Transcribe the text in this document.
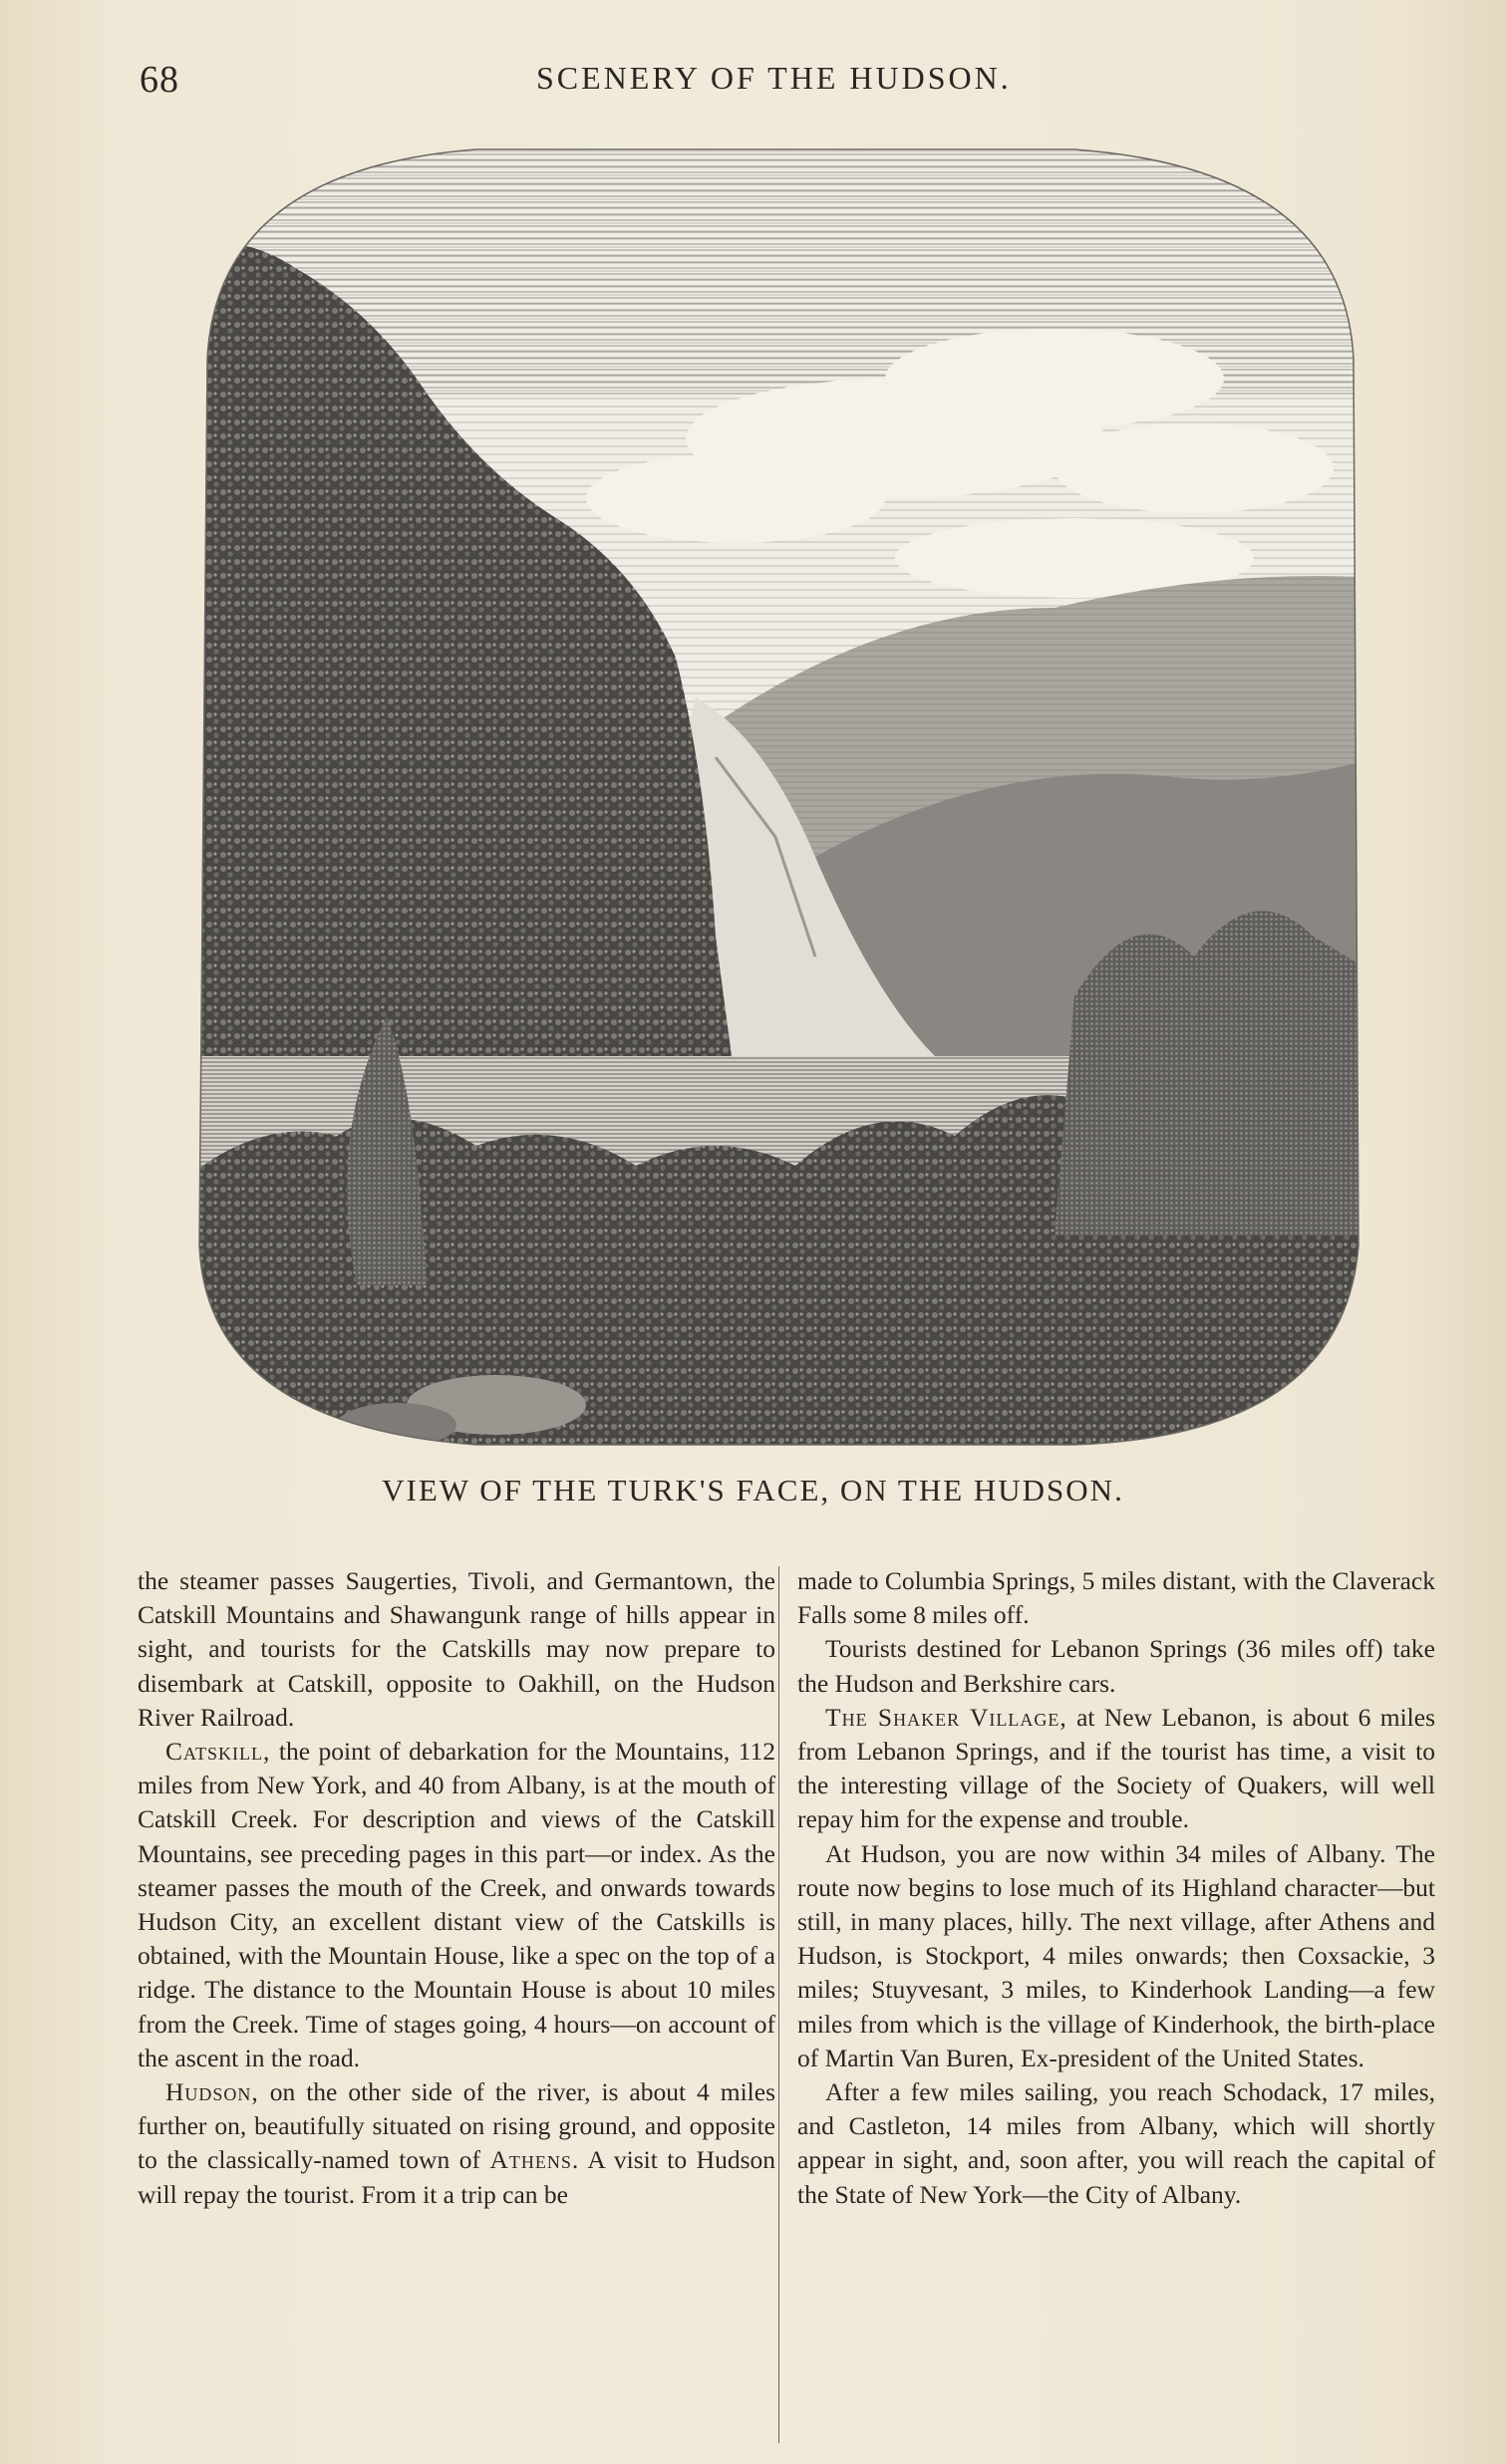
68	SCENERY OF THE HUDSON.
VIEW OF THE TURK'S FACE, ON THE HUDSON.

the steamer passes Saugerties, Tivoli, and Germantown, the Catskill Mountains and Shawangunk range of hills appear in sight, and tourists for the Catskills may now prepare to disembark at Catskill, opposite to Oakhill, on the Hudson River Railroad.

Catskill, the point of debarkation for the Mountains, 112 miles from New York, and 40 from Albany, is at the mouth of Catskill Creek. For description and views of the Catskill Mountains, see preceding pages in this part—or index. As the steamer passes the mouth of the Creek, and onwards towards Hudson City, an excellent distant view of the Catskills is obtained, with the Mountain House, like a spec on the top of a ridge. The distance to the Mountain House is about 10 miles from the Creek. Time of stages going, 4 hours—on account of the ascent in the road.

Hudson, on the other side of the river, is about 4 miles further on, beautifully situated on rising ground, and opposite to the classically-named town of Athens. A visit to Hudson will repay the tourist. From it a trip can be

made to Columbia Springs, 5 miles distant, with the Claverack Falls some 8 miles off.

Tourists destined for Lebanon Springs (36 miles off) take the Hudson and Berkshire cars.

The Shaker Village, at New Lebanon, is about 6 miles from Lebanon Springs, and if the tourist has time, a visit to the interesting village of the Society of Quakers, will well repay him for the expense and trouble.

At Hudson, you are now within 34 miles of Albany. The route now begins to lose much of its Highland character—but still, in many places, hilly. The next village, after Athens and Hudson, is Stockport, 4 miles onwards; then Coxsackie, 3 miles; Stuyvesant, 3 miles, to Kinderhook Landing—a few miles from which is the village of Kinderhook, the birth-place of Martin Van Buren, Ex-president of the United States.

After a few miles sailing, you reach Schodack, 17 miles, and Castleton, 14 miles from Albany, which will shortly appear in sight, and, soon after, you will reach the capital of the State of New York—the City of Albany.
